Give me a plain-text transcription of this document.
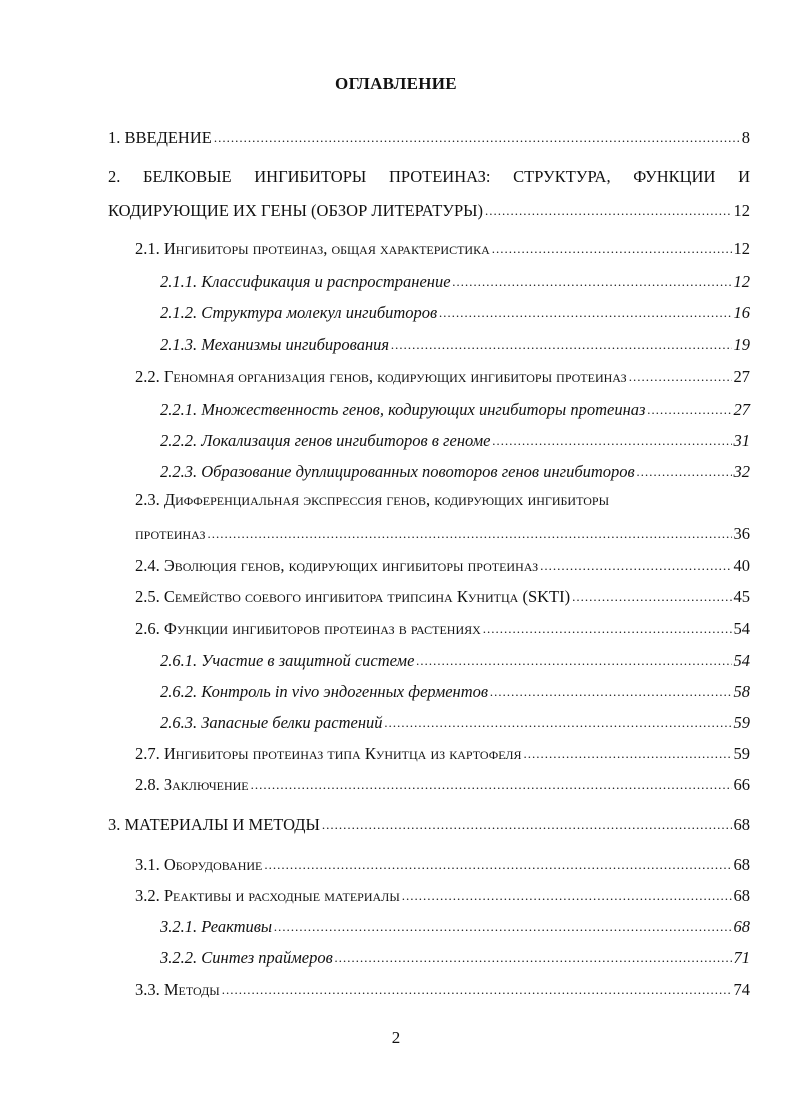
ОГЛАВЛЕНИЕ
1. ВВЕДЕНИЕ .....	8
2. БЕЛКОВЫЕ ИНГИБИТОРЫ ПРОТЕИНАЗ: СТРУКТУРА, ФУНКЦИИ И
КОДИРУЮЩИЕ ИХ ГЕНЫ (ОБЗОР ЛИТЕРАТУРЫ) .....	12
2.1. Ингибиторы протеиназ, общая характеристика .....	12
2.1.1. Классификация и распространение .....	12
2.1.2. Структура молекул ингибиторов .....	16
2.1.3. Механизмы ингибирования .....	19
2.2. Геномная организация генов, кодирующих ингибиторы протеиназ .....	27
2.2.1. Множественность генов, кодирующих ингибиторы протеиназ .....	27
2.2.2. Локализация генов ингибиторов в геноме .....	31
2.2.3. Образование дуплицированных повоторов генов ингибиторов .....	32
2.3. Дифференциальная экспрессия генов, кодирующих ингибиторы
протеиназ .....	36
2.4. Эволюция генов, кодирующих ингибиторы протеиназ .....	40
2.5. Семейство соевого ингибитора трипсина Кунитца (SKTI) .....	45
2.6. Функции ингибиторов протеиназ в растениях .....	54
2.6.1. Участие в защитной системе .....	54
2.6.2. Контроль in vivo эндогенных ферментов .....	58
2.6.3. Запасные белки растений .....	59
2.7. Ингибиторы протеиназ типа Кунитца из картофеля .....	59
2.8. Заключение .....	66
3. МАТЕРИАЛЫ И МЕТОДЫ .....	68
3.1. Оборудование .....	68
3.2. Реактивы и расходные материалы .....	68
3.2.1. Реактивы .....	68
3.2.2. Синтез праймеров .....	71
3.3. Методы .....	74
2
